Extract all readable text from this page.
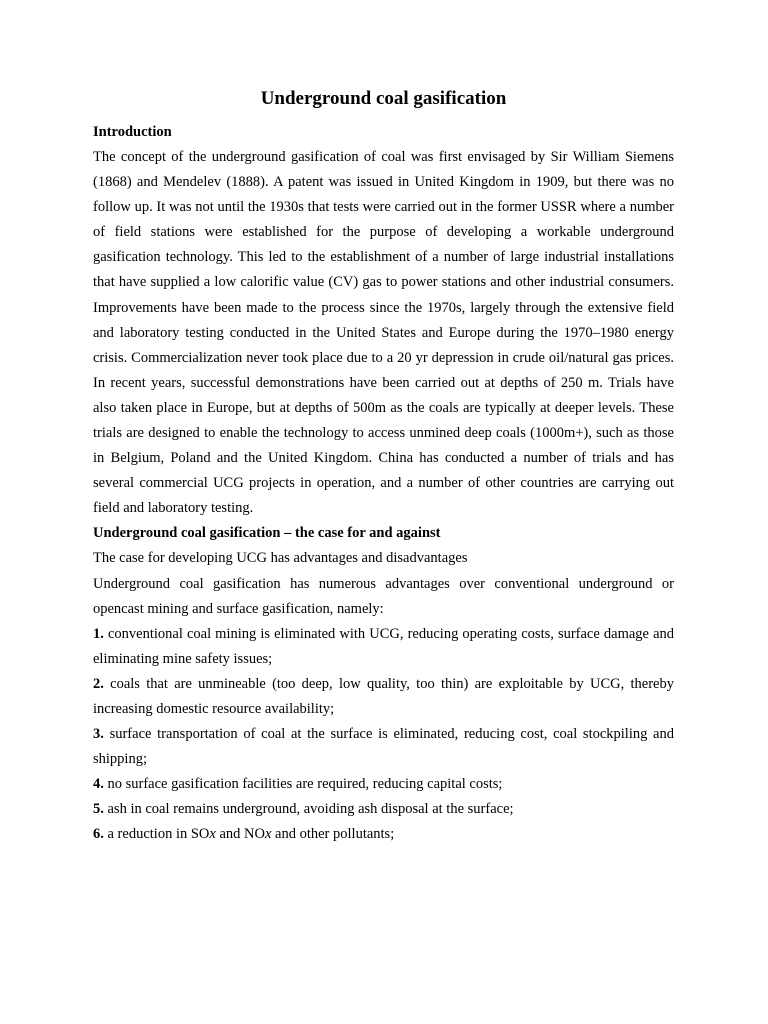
Underground coal gasification

Introduction

The concept of the underground gasification of coal was first envisaged by Sir William Siemens (1868) and Mendelev (1888). A patent was issued in United Kingdom in 1909, but there was no follow up. It was not until the 1930s that tests were carried out in the former USSR where a number of field stations were established for the purpose of developing a workable underground gasification technology. This led to the establishment of a number of large industrial installations that have supplied a low calorific value (CV) gas to power stations and other industrial consumers. Improvements have been made to the process since the 1970s, largely through the extensive field and laboratory testing conducted in the United States and Europe during the 1970–1980 energy crisis. Commercialization never took place due to a 20 yr depression in crude oil/natural gas prices. In recent years, successful demonstrations have been carried out at depths of 250 m. Trials have also taken place in Europe, but at depths of 500m as the coals are typically at deeper levels. These trials are designed to enable the technology to access unmined deep coals (1000m+), such as those in Belgium, Poland and the United Kingdom. China has conducted a number of trials and has several commercial UCG projects in operation, and a number of other countries are carrying out field and laboratory testing.

Underground coal gasification – the case for and against

The case for developing UCG has advantages and disadvantages

Underground coal gasification has numerous advantages over conventional underground or opencast mining and surface gasification, namely:

1. conventional coal mining is eliminated with UCG, reducing operating costs, surface damage and eliminating mine safety issues;

2. coals that are unmineable (too deep, low quality, too thin) are exploitable by UCG, thereby increasing domestic resource availability;

3. surface transportation of coal at the surface is eliminated, reducing cost, coal stockpiling and shipping;

4. no surface gasification facilities are required, reducing capital costs;

5. ash in coal remains underground, avoiding ash disposal at the surface;

6. a reduction in SOx and NOx and other pollutants;
